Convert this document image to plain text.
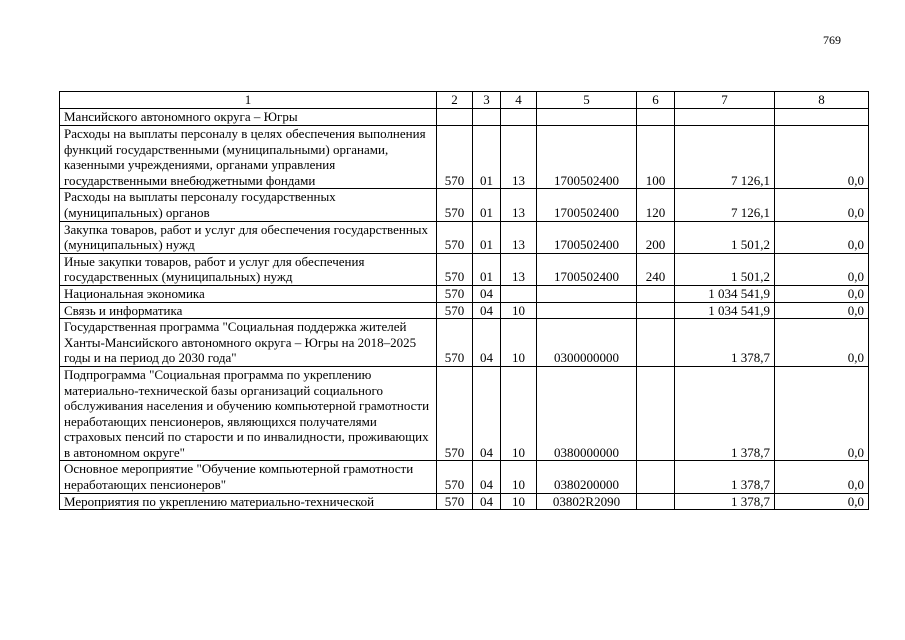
769
1	2	3	4	5	6	7	8
Мансийского автономного округа – Югры							
Расходы на выплаты персоналу в целях обеспечения выполнения функций государственными (муниципальными) органами, казенными учреждениями, органами управления государственными внебюджетными фондами	570	01	13	1700502400	100	7 126,1	0,0
Расходы на выплаты персоналу государственных (муниципальных) органов	570	01	13	1700502400	120	7 126,1	0,0
Закупка товаров, работ и услуг для обеспечения государственных (муниципальных) нужд	570	01	13	1700502400	200	1 501,2	0,0
Иные закупки товаров, работ и услуг для обеспечения государственных (муниципальных) нужд	570	01	13	1700502400	240	1 501,2	0,0
Национальная экономика	570	04				1 034 541,9	0,0
Связь и информатика	570	04	10			1 034 541,9	0,0
Государственная программа "Социальная поддержка жителей Ханты-Мансийского автономного округа – Югры на 2018–2025 годы и на период до 2030 года"	570	04	10	0300000000		1 378,7	0,0
Подпрограмма "Социальная программа по укреплению материально-технической базы организаций социального обслуживания населения и обучению компьютерной грамотности неработающих пенсионеров, являющихся получателями страховых пенсий по старости и по инвалидности, проживающих в автономном округе"	570	04	10	0380000000		1 378,7	0,0
Основное мероприятие "Обучение компьютерной грамотности неработающих пенсионеров"	570	04	10	0380200000		1 378,7	0,0
Мероприятия по укреплению материально-технической	570	04	10	03802R2090		1 378,7	0,0
